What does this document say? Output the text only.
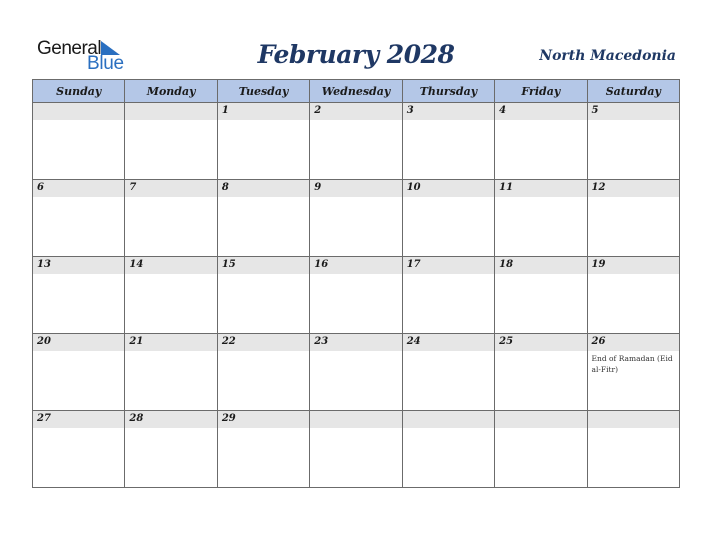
General
Blue	February 2028	North Macedonia
Sunday	Monday	Tuesday	Wednesday	Thursday	Friday	Saturday

		1	2	3	4	5

6	7	8	9	10	11	12

13	14	15	16	17	18	19

20	21	22	23	24	25	26
End of Ramadan (Eid al-Fitr)

27	28	29				
